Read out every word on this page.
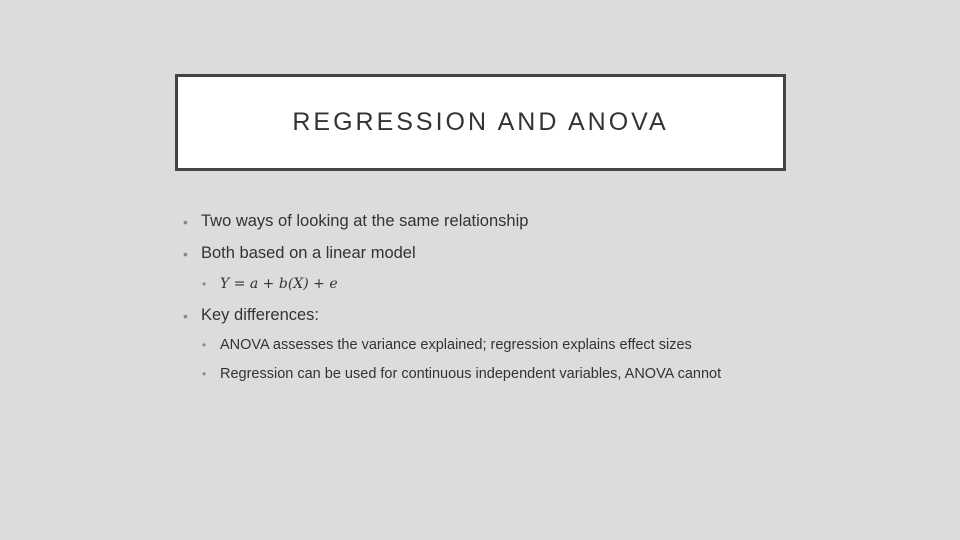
REGRESSION AND ANOVA
• Two ways of looking at the same relationship
• Both based on a linear model
• 𝑌 = 𝑎 + 𝑏(𝑋) + 𝑒
• Key differences:
• ANOVA assesses the variance explained; regression explains effect sizes
• Regression can be used for continuous independent variables, ANOVA cannot
